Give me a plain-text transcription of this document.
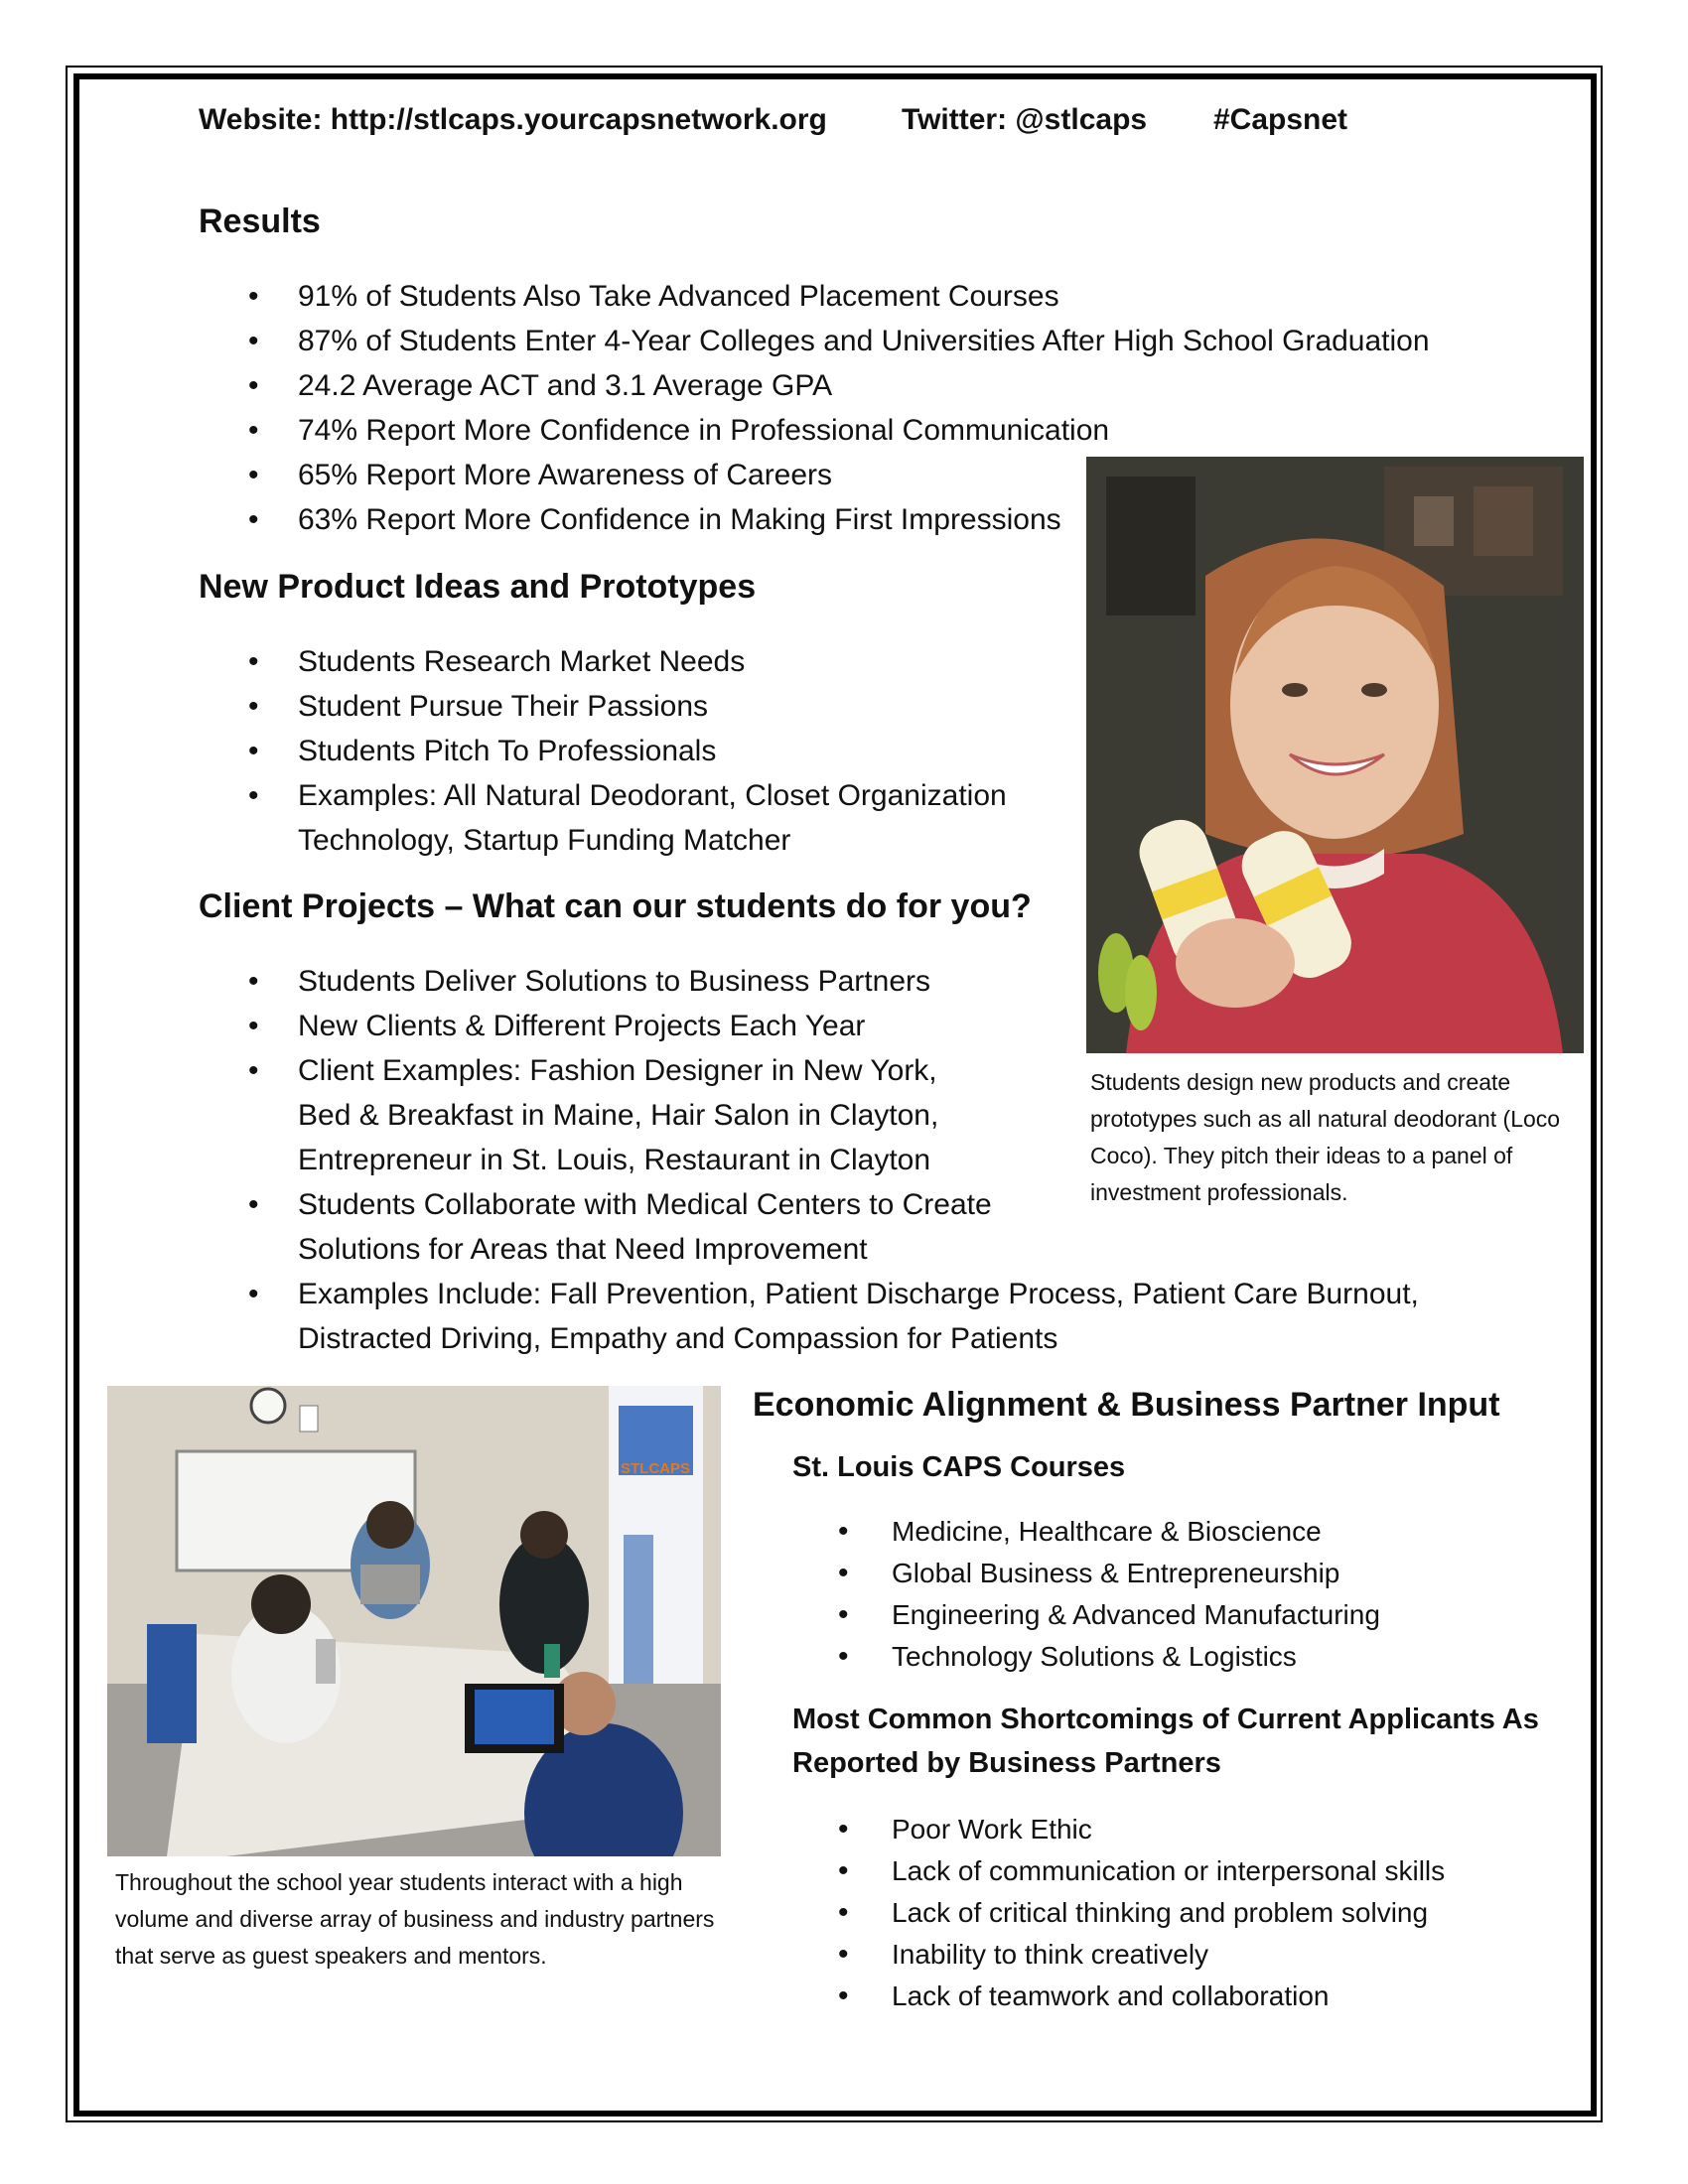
Website: http://stlcaps.yourcapsnetwork.org	Twitter: @stlcaps #Capsnet
Results
• 91% of Students Also Take Advanced Placement Courses
• 87% of Students Enter 4-Year Colleges and Universities After High School Graduation
• 24.2 Average ACT and 3.1 Average GPA
• 74% Report More Confidence in Professional Communication
• 65% Report More Awareness of Careers
• 63% Report More Confidence in Making First Impressions
New Product Ideas and Prototypes
• Students Research Market Needs
• Student Pursue Their Passions
• Students Pitch To Professionals
• Examples: All Natural Deodorant, Closet Organization Technology, Startup Funding Matcher
Client Projects – What can our students do for you?
• Students Deliver Solutions to Business Partners
• New Clients & Different Projects Each Year
• Client Examples: Fashion Designer in New York, Bed & Breakfast in Maine, Hair Salon in Clayton, Entrepreneur in St. Louis, Restaurant in Clayton
• Students Collaborate with Medical Centers to Create Solutions for Areas that Need Improvement
• Examples Include: Fall Prevention, Patient Discharge Process, Patient Care Burnout, Distracted Driving, Empathy and Compassion for Patients
Students design new products and create prototypes such as all natural deodorant (Loco Coco). They pitch their ideas to a panel of investment professionals.
STLCAPS
Throughout the school year students interact with a high volume and diverse array of business and industry partners that serve as guest speakers and mentors.
Economic Alignment & Business Partner Input
St. Louis CAPS Courses
• Medicine, Healthcare & Bioscience
• Global Business & Entrepreneurship
• Engineering & Advanced Manufacturing
• Technology Solutions & Logistics
Most Common Shortcomings of Current Applicants As Reported by Business Partners
• Poor Work Ethic
• Lack of communication or interpersonal skills
• Lack of critical thinking and problem solving
• Inability to think creatively
• Lack of teamwork and collaboration
